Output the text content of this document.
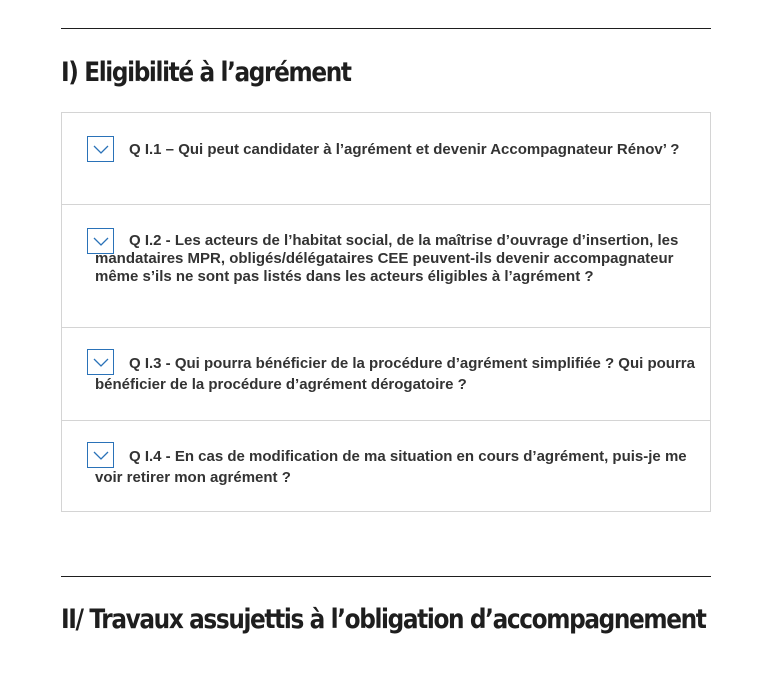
I) Eligibilité à l’agrément

Q I.1 – Qui peut candidater à l’agrément et devenir Accompagnateur Rénov’ ?

Q I.2 - Les acteurs de l’habitat social, de la maîtrise d’ouvrage d’insertion, les mandataires MPR, obligés/délégataires CEE peuvent-ils devenir accompagnateur même s’ils ne sont pas listés dans les acteurs éligibles à l’agrément ?

Q I.3 - Qui pourra bénéficier de la procédure d’agrément simplifiée ? Qui pourra bénéficier de la procédure d’agrément dérogatoire ?

Q I.4 - En cas de modification de ma situation en cours d’agrément, puis-je me voir retirer mon agrément ?

II/ Travaux assujettis à l’obligation d’accompagnement
